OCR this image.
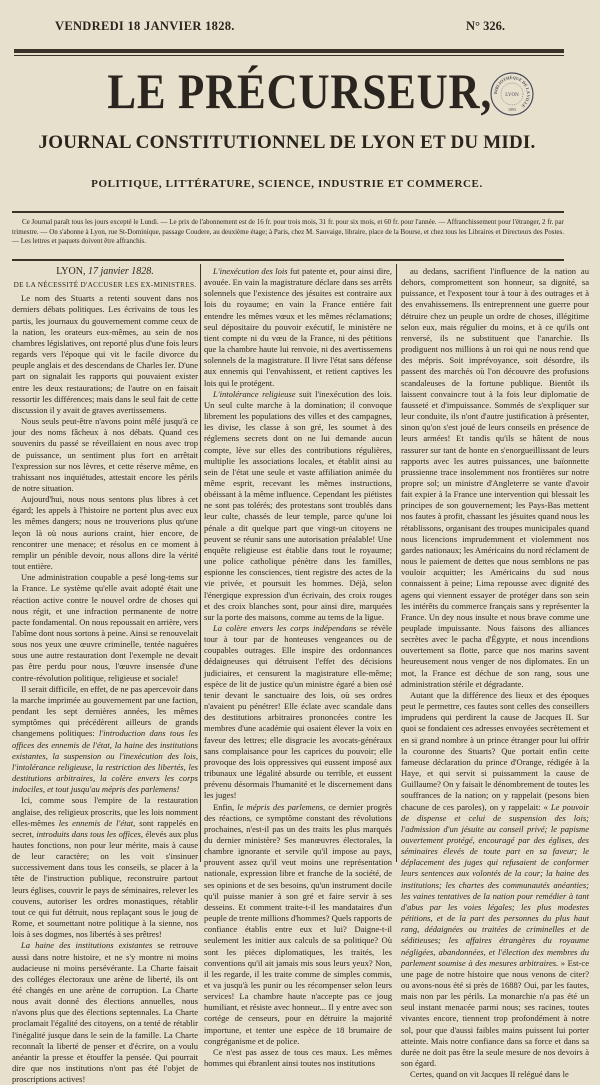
VENDREDI 18 JANVIER 1828.	N° 326.
LE PRÉCURSEUR, BIBLIOTHÈQUE DE LA VILLE
LYON
1893
JOURNAL CONSTITUTIONNEL DE LYON ET DU MIDI.
POLITIQUE, LITTÉRATURE, SCIENCE, INDUSTRIE ET COMMERCE.
Ce Journal paraît tous les jours excepté le Lundi. — Le prix de l'abonnement est de 16 fr. pour trois mois, 31 fr. pour six mois, et 60 fr. pour l'année. — Affranchissement pour l'étranger, 2 fr. par trimestre. — On s'abonne à Lyon, rue St-Dominique, passage Coudere, au deuxième étage; à Paris, chez M. Sauvaige, libraire, place de la Bourse, et chez tous les Libraires et Directeurs des Postes. — Les lettres et paquets doivent être affranchis.

LYON, 17 janvier 1828.

DE LA NÉCESSITÉ D'ACCUSER LES EX-MINISTRES.

Le nom des Stuarts a retenti souvent dans nos derniers débats politiques. Les écrivains de tous les partis, les journaux du gouvernement comme ceux de la nation, les orateurs eux-mêmes, au sein de nos chambres législatives, ont reporté plus d'une fois leurs regards vers l'époque qui vit le facile divorce du peuple anglais et des descendans de Charles Ier. D'une part on signalait les rapports qui pouvaient exister entre les deux restaurations; de l'autre on en faisait ressortir les différences; mais dans le seul fait de cette discussion il y avait de graves avertissemens.

Nous seuls peut-être n'avons point mêlé jusqu'à ce jour des noms fâcheux à nos débats. Quand ces souvenirs du passé se réveillaient en nous avec trop de puissance, un sentiment plus fort en arrêtait l'expression sur nos lèvres, et cette réserve même, en trahissant nos inquiétudes, attestait encore les périls de notre situation.

Aujourd'hui, nous nous sentons plus libres à cet égard; les appels à l'histoire ne portent plus avec eux les mêmes dangers; nous ne trouverions plus qu'une leçon là où nous aurions craint, hier encore, de rencontrer une menace; et résolus en ce moment à remplir un pénible devoir, nous allons dire la vérité tout entière.

Une administration coupable a pesé long-tems sur la France. Le système qu'elle avait adopté était une réaction active contre le nouvel ordre de choses qui nous régit, et une infraction permanente de notre pacte fondamental. On nous repoussait en arrière, vers l'abîme dont nous sortons à peine. Ainsi se renouvelait sous nos yeux une œuvre criminelle, tentée naguères sous une autre restauration dont l'exemple ne devait pas être perdu pour nous, l'œuvre insensée d'une contre-révolution politique, religieuse et sociale!

Il serait difficile, en effet, de ne pas apercevoir dans la marche imprimée au gouvernement par une faction, pendant les sept dernières années, les mêmes symptômes qui précédèrent ailleurs de grands changemens politiques: l'introduction dans tous les offices des ennemis de l'état, la haine des institutions existantes, la suspension ou l'inexécution des lois, l'intolérance religieuse, la restriction des libertés, les destitutions arbitraires, la colère envers les corps indociles, et tout jusqu'au mépris des parlemens!

Ici, comme sous l'empire de la restauration anglaise, des religieux proscrits, que les lois nomment elles-mêmes les ennemis de l'état, sont rappelés en secret, introduits dans tous les offices, élevés aux plus hautes fonctions, non pour leur mérite, mais à cause de leur caractère; on les voit s'insinuer successivement dans tous les conseils, se placer à la tête de l'instruction publique, reconstruire partout leurs églises, couvrir le pays de séminaires, relever les couvens, autoriser les ordres monastiques, rétablir tout ce qui fut détruit, nous replaçant sous le joug de Rome, et soumettant notre politique à la sienne, nos lois à ses dogmes, nos libertés à ses prêtres!

La haine des institutions existantes se retrouve aussi dans notre histoire, et ne s'y montre ni moins audacieuse ni moins persévérante. La Charte faisait des colléges électoraux une arène de liberté, ils ont été changés en une arène de corruption. La Charte nous avait donné des élections annuelles, nous n'avons plus que des élections septennales. La Charte proclamait l'égalité des citoyens, on a tenté de rétablir l'inégalité jusque dans le sein de la famille. La Charte reconnaît la liberté de penser et d'écrire, on a voulu anéantir la presse et étouffer la pensée. Qui pourrait dire que nos institutions n'ont pas été l'objet de proscriptions actives!

L'inexécution des lois fut patente et, pour ainsi dire, avouée. En vain la magistrature déclare dans ses arrêts solennels que l'existence des jésuites est contraire aux lois du royaume; en vain la France entière fait entendre les mêmes vœux et les mêmes réclamations; seul dépositaire du pouvoir exécutif, le ministère ne tient compte ni du vœu de la France, ni des pétitions que la chambre haute lui renvoie, ni des avertissemens solennels de la magistrature. Il livre l'état sans défense aux ennemis qui l'envahissent, et retient captives les lois qui le protégent.

L'intolérance religieuse suit l'inexécution des lois. Un seul culte marche à la domination; il convoque librement les populations des villes et des campagnes, les divise, les classe à son gré, les soumet à des réglemens secrets dont on ne lui demande aucun compte, lève sur elles des contributions régulières, multiplie les associations locales, et établit ainsi au sein de l'état une seule et vaste affiliation animée du même esprit, recevant les mêmes instructions, obéissant à la même influence. Cependant les piétistes ne sont pas tolérés; des protestans sont troublés dans leur culte, chassés de leur temple, parce qu'une loi pénale a dit quelque part que vingt-un citoyens ne peuvent se réunir sans une autorisation préalable! Une enquête religieuse est établie dans tout le royaume; une police catholique pénètre dans les familles, espionne les consciences, tient registre des actes de la vie privée, et poursuit les hommes. Déjà, selon l'énergique expression d'un écrivain, des croix rouges et des croix blanches sont, pour ainsi dire, marquées sur la porte des maisons, comme au tems de la ligue.

La colère envers les corps indépendans se révèle tour à tour par de honteuses vengeances ou de coupables outrages. Elle inspire des ordonnances dédaigneuses qui détruisent l'effet des décisions judiciaires, et censurent la magistrature elle-même; espèce de lit de justice qu'un ministre égaré a bien osé tenir devant le sanctuaire des lois, où ses ordres n'avaient pu pénétrer! Elle éclate avec scandale dans des destitutions arbitraires prononcées contre les membres d'une académie qui osaient élever la voix en faveur des lettres; elle disgracie les avocats-généraux sans complaisance pour les caprices du pouvoir; elle provoque des lois oppressives qui eussent imposé aux tribunaux une légalité absurde ou terrible, et eussent prévenu désormais l'humanité et le discernement dans les juges!

Enfin, le mépris des parlemens, ce dernier progrès des réactions, ce symptôme constant des révolutions prochaines, n'est-il pas un des traits les plus marqués du dernier ministère? Ses manœuvres électorales, la chambre ignorante et servile qu'il impose au pays, prouvent assez qu'il veut moins une représentation nationale, expression libre et franche de la société, de ses opinions et de ses besoins, qu'un instrument docile qu'il puisse manier à son gré et faire servir à ses desseins. Et comment traite-t-il les mandataires d'un peuple de trente millions d'hommes? Quels rapports de confiance établis entre eux et lui? Daigne-t-il seulement les initier aux calculs de sa politique? Où sont les pièces diplomatiques, les traités, les conventions qu'il ait jamais mis sous leurs yeux? Non, il les regarde, il les traite comme de simples commis, et va jusqu'à les punir ou les récompenser selon leurs services! La chambre haute n'accepte pas ce joug humiliant, et résiste avec honneur... Il y entre avec son cortége de censeurs, pour en détruire la majorité importune, et tenter une espèce de 18 brumaire de congréganisme et de police.

Ce n'est pas assez de tous ces maux. Les mêmes hommes qui ébranlent ainsi toutes nos institutions

au dedans, sacrifient l'influence de la nation au dehors, compromettent son honneur, sa dignité, sa puissance, et l'exposent tour à tour à des outrages et à des envahissemens. Ils entreprennent une guerre pour détruire chez un peuple un ordre de choses, illégitime selon eux, mais régulier du moins, et à ce qu'ils ont renversé, ils ne substituent que l'anarchie. Ils prodiguent nos millions à un roi qui ne nous rend que des mépris. Soit imprévoyance, soit désordre, ils passent des marchés où l'on découvre des profusions scandaleuses de la fortune publique. Bientôt ils laissent convaincre tout à la fois leur diplomatie de fausseté et d'impuissance. Sommés de s'expliquer sur leur conduite, ils n'ont d'autre justification à présenter, sinon qu'on s'est joué de leurs conseils en présence de leurs armées! Et tandis qu'ils se hâtent de nous rassurer sur tant de honte en s'enorgueillissant de leurs rapports avec les autres puissances, une baïonnette prussienne trace insolemment nos frontières sur notre propre sol; un ministre d'Angleterre se vante d'avoir fait expier à la France une intervention qui blessait les principes de son gouvernement; les Pays-Bas mettent nos fautes à profit, chassant les jésuites quand nous les rétablissons, organisant des troupes municipales quand nous licencions imprudemment et violemment nos gardes nationaux; les Américains du nord réclament de nous le paiement de dettes que nous semblons ne pas vouloir acquitter; les Américains du sud nous connaissent à peine; Lima repousse avec dignité des agens qui viennent essayer de protéger dans son sein les intérêts du commerce français sans y représenter la France. Un dey nous insulte et nous brave comme une peuplade impuissante. Nous faisons des alliances secrètes avec le pacha d'Égypte, et nous incendions ouvertement sa flotte, parce que nos marins savent heureusement nous venger de nos diplomates. En un mot, la France est déchue de son rang, sous une administration stérile et dégradante.

Autant que la différence des lieux et des époques peut le permettre, ces fautes sont celles des conseillers imprudens qui perdirent la cause de Jacques II. Sur quoi se fondaient ces adresses envoyées secrètement et en si grand nombre à un prince étranger pour lui offrir la couronne des Stuarts? Que portait enfin cette fameuse déclaration du prince d'Orange, rédigée à la Haye, et qui servit si puissamment la cause de Guillaume? On y faisait le dénombrement de toutes les souffrances de la nation; on y rappelait (pesons bien chacune de ces paroles), on y rappelait: « Le pouvoir de dispense et celui de suspension des lois; l'admission d'un jésuite au conseil privé; le papisme ouvertement protégé, encouragé par des églises, des séminaires élevés de toute part en sa faveur; le déplacement des juges qui refusaient de conformer leurs sentences aux volontés de la cour; la haine des institutions; les chartes des communautés anéanties; les vaines tentatives de la nation pour remédier à tant d'abus par les voies légales; les plus modestes pétitions, et de la part des personnes du plus haut rang, dédaignées ou traitées de criminelles et de séditieuses; les affaires étrangères du royaume négligées, abandonnées, et l'élection des membres du parlement soumise à des mesures arbitraires. » Est-ce une page de notre histoire que nous venons de citer? ou avons-nous été si près de 1688? Oui, par les fautes, mais non par les périls. La monarchie n'a pas été un seul instant menacée parmi nous; ses racines, toutes vivantes encore, tiennent trop profondément à notre sol, pour que d'aussi faibles mains puissent lui porter atteinte. Mais notre confiance dans sa force et dans sa durée ne doit pas être la seule mesure de nos devoirs à son égard.

Certes, quand on vit Jacques II relégué dans le
